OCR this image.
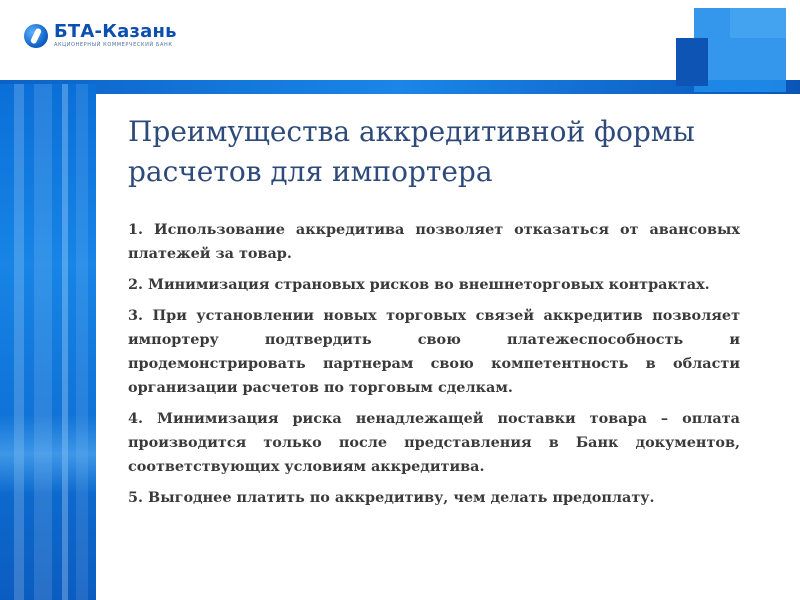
БТА-Казань
АКЦИОНЕРНЫЙ КОММЕРЧЕСКИЙ БАНК
Преимущества аккредитивной формы
расчетов для импортера

1. Использование аккредитива позволяет отказаться от авансовых платежей за товар.

2. Минимизация страновых рисков во внешнеторговых контрактах.

3. При установлении новых торговых связей аккредитив позволяет импортеру подтвердить свою платежеспособность и продемонстрировать партнерам свою компетентность в области организации расчетов по торговым сделкам.

4. Минимизация риска ненадлежащей поставки товара – оплата производится только после представления в Банк документов, соответствующих условиям аккредитива.

5. Выгоднее платить по аккредитиву, чем делать предоплату.
